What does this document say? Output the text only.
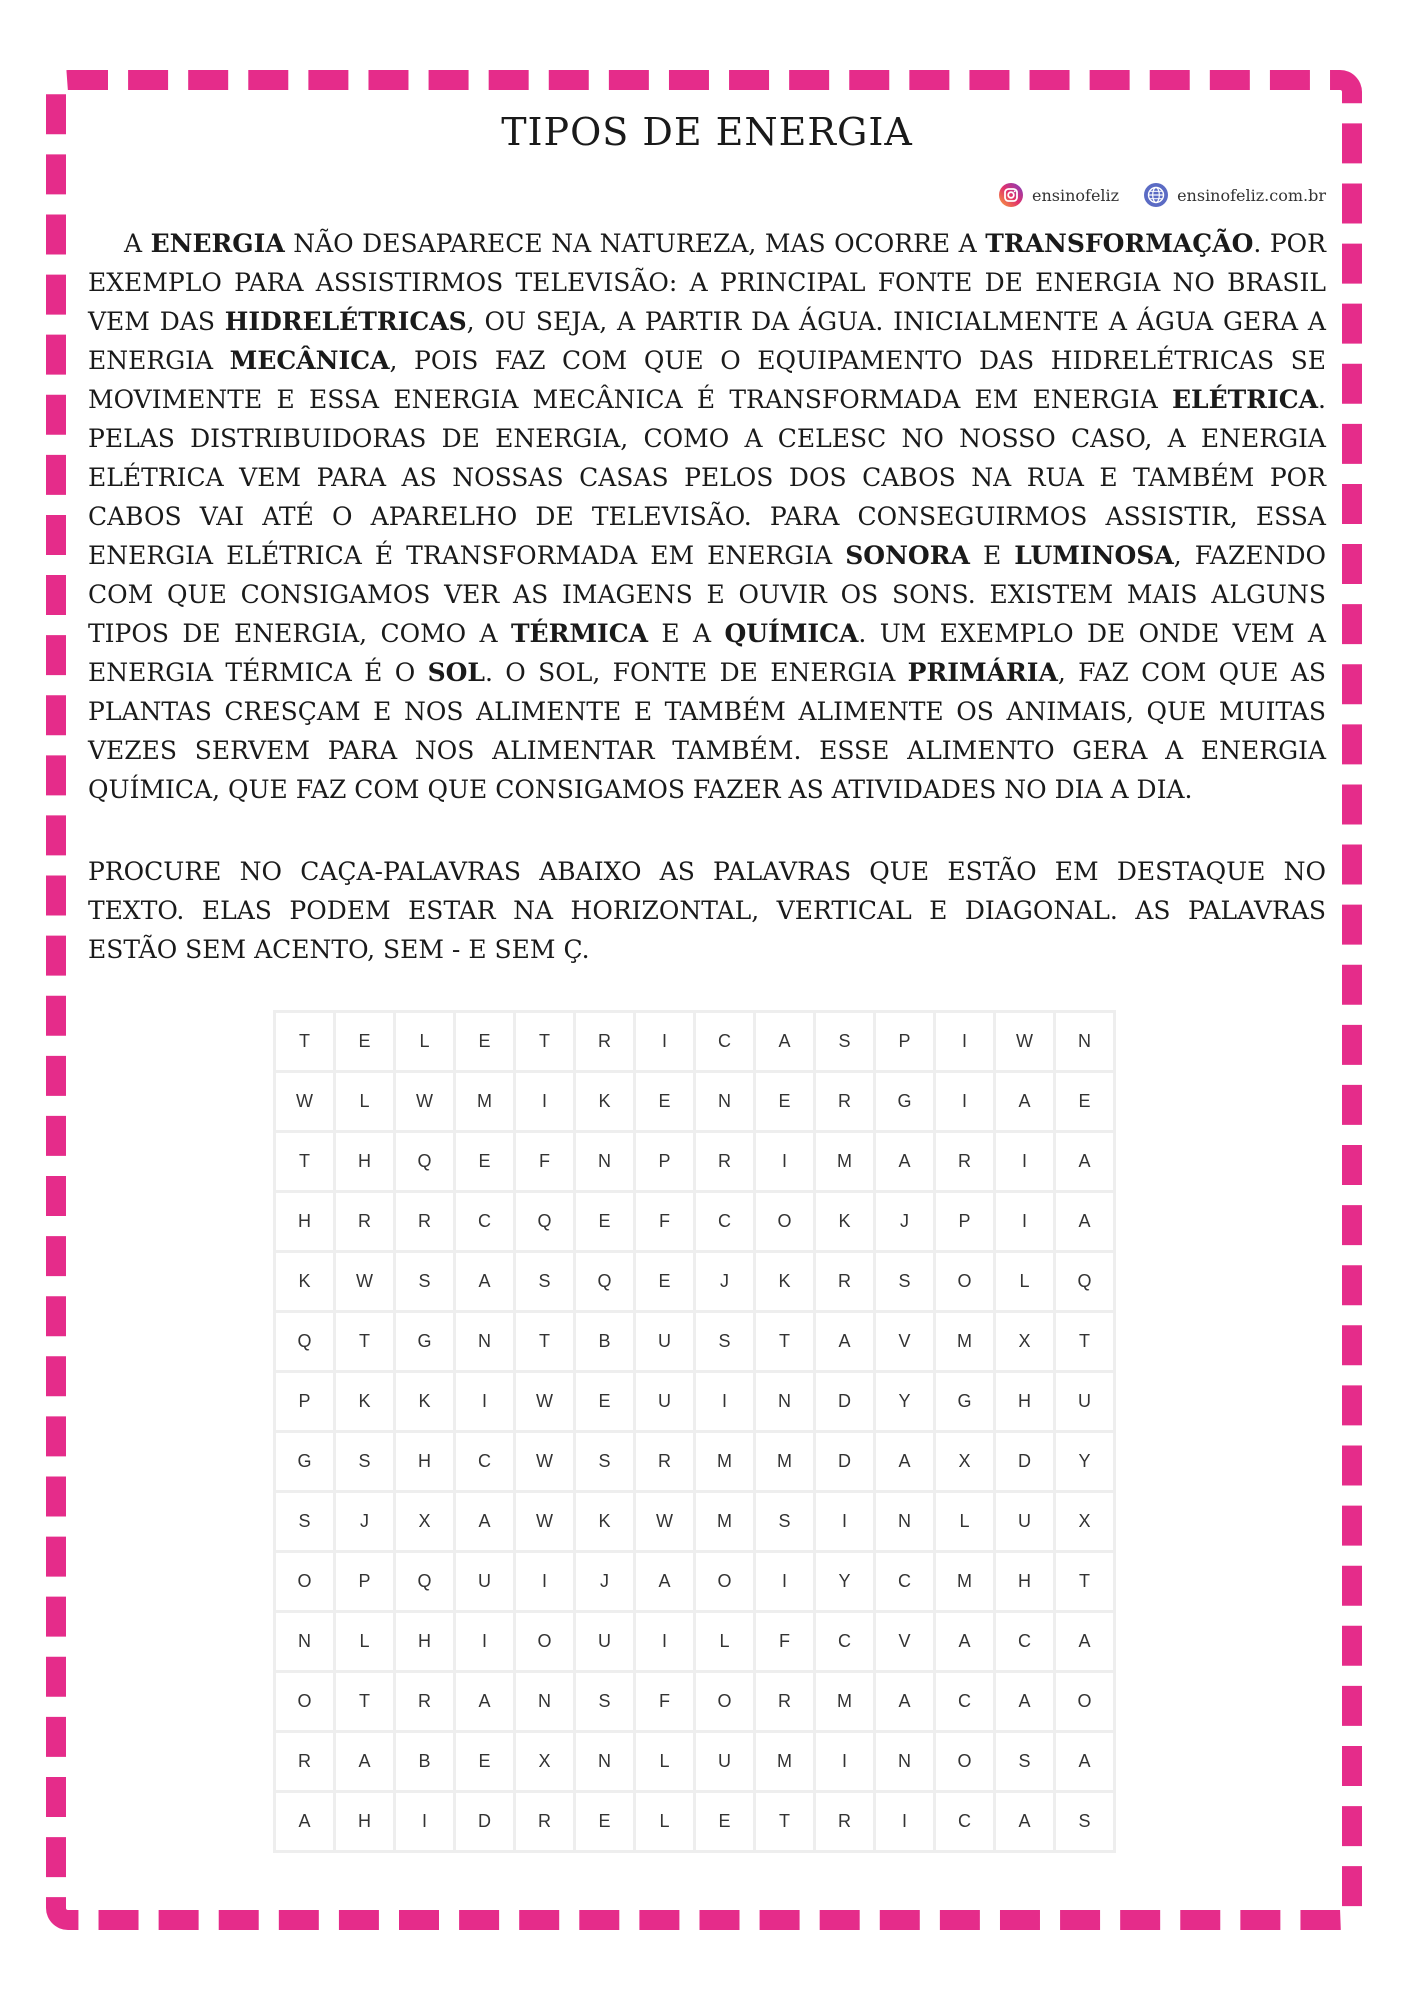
TIPOS DE ENERGIA
ensinofeliz	ensinofeliz.com.br

A ENERGIA NÃO DESAPARECE NA NATUREZA, MAS OCORRE A TRANSFORMAÇÃO. POR EXEMPLO PARA ASSISTIRMOS TELEVISÃO: A PRINCIPAL FONTE DE ENERGIA NO BRASIL VEM DAS HIDRELÉTRICAS, OU SEJA, A PARTIR DA ÁGUA. INICIALMENTE A ÁGUA GERA A ENERGIA MECÂNICA, POIS FAZ COM QUE O EQUIPAMENTO DAS HIDRELÉTRICAS SE MOVIMENTE E ESSA ENERGIA MECÂNICA É TRANSFORMADA EM ENERGIA ELÉTRICA. PELAS DISTRIBUIDORAS DE ENERGIA, COMO A CELESC NO NOSSO CASO, A ENERGIA ELÉTRICA VEM PARA AS NOSSAS CASAS PELOS DOS CABOS NA RUA E TAMBÉM POR CABOS VAI ATÉ O APARELHO DE TELEVISÃO. PARA CONSEGUIRMOS ASSISTIR, ESSA ENERGIA ELÉTRICA É TRANSFORMADA EM ENERGIA SONORA E LUMINOSA, FAZENDO COM QUE CONSIGAMOS VER AS IMAGENS E OUVIR OS SONS. EXISTEM MAIS ALGUNS TIPOS DE ENERGIA, COMO A TÉRMICA E A QUÍMICA. UM EXEMPLO DE ONDE VEM A ENERGIA TÉRMICA É O SOL. O SOL, FONTE DE ENERGIA PRIMÁRIA, FAZ COM QUE AS PLANTAS CRESÇAM E NOS ALIMENTE E TAMBÉM ALIMENTE OS ANIMAIS, QUE MUITAS VEZES SERVEM PARA NOS ALIMENTAR TAMBÉM. ESSE ALIMENTO GERA A ENERGIA QUÍMICA, QUE FAZ COM QUE CONSIGAMOS FAZER AS ATIVIDADES NO DIA A DIA.

PROCURE NO CAÇA-PALAVRAS ABAIXO AS PALAVRAS QUE ESTÃO EM DESTAQUE NO TEXTO. ELAS PODEM ESTAR NA HORIZONTAL, VERTICAL E DIAGONAL. AS PALAVRAS ESTÃO SEM ACENTO, SEM - E SEM Ç.

T	E	L	E	T	R	I	C	A	S	P	I	W	N
W	L	W	M	I	K	E	N	E	R	G	I	A	E
T	H	Q	E	F	N	P	R	I	M	A	R	I	A
H	R	R	C	Q	E	F	C	O	K	J	P	I	A
K	W	S	A	S	Q	E	J	K	R	S	O	L	Q
Q	T	G	N	T	B	U	S	T	A	V	M	X	T
P	K	K	I	W	E	U	I	N	D	Y	G	H	U
G	S	H	C	W	S	R	M	M	D	A	X	D	Y
S	J	X	A	W	K	W	M	S	I	N	L	U	X
O	P	Q	U	I	J	A	O	I	Y	C	M	H	T
N	L	H	I	O	U	I	L	F	C	V	A	C	A
O	T	R	A	N	S	F	O	R	M	A	C	A	O
R	A	B	E	X	N	L	U	M	I	N	O	S	A
A	H	I	D	R	E	L	E	T	R	I	C	A	S
